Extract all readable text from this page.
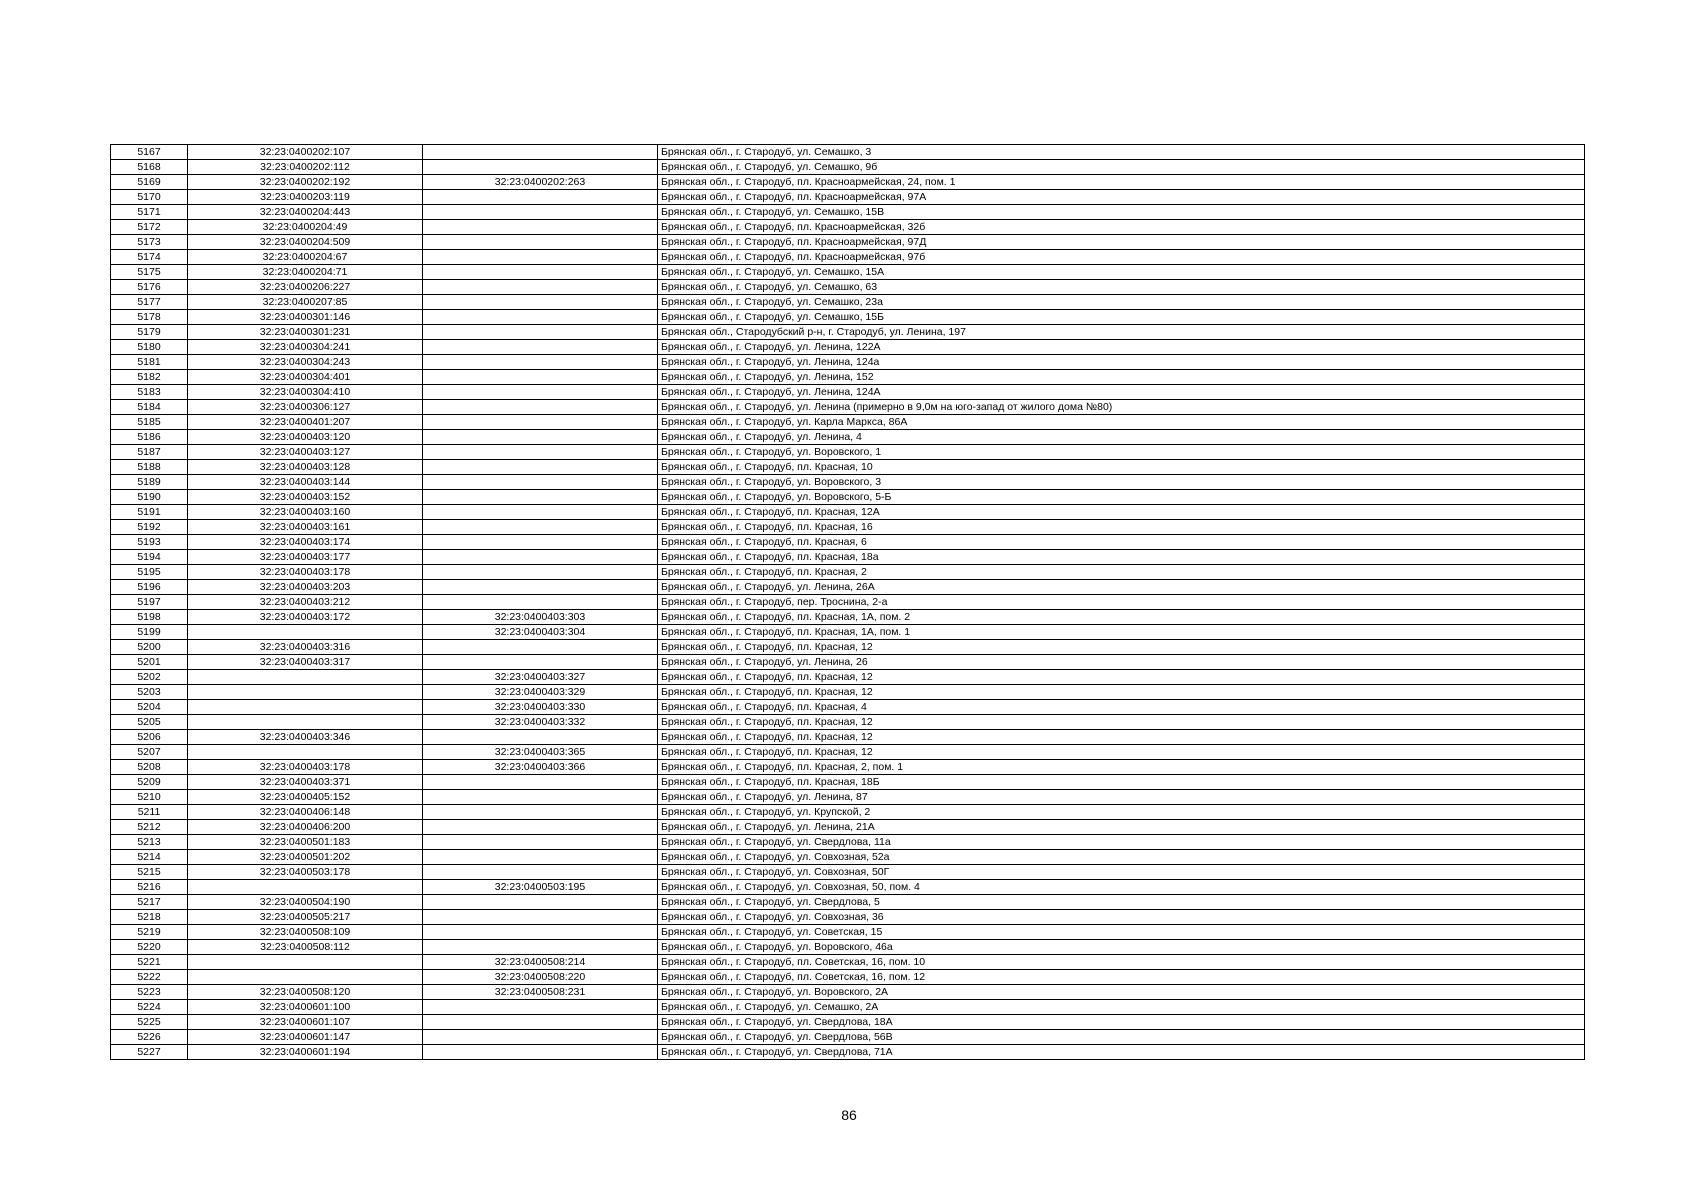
5167	32:23:0400202:107		Брянская обл., г. Стародуб, ул. Семашко, 3
5168	32:23:0400202:112		Брянская обл., г. Стародуб, ул. Семашко, 9б
5169	32:23:0400202:192	32:23:0400202:263	Брянская обл., г. Стародуб, пл. Красноармейская, 24, пом. 1
5170	32:23:0400203:119		Брянская обл., г. Стародуб, пл. Красноармейская, 97А
5171	32:23:0400204:443		Брянская обл., г. Стародуб, ул. Семашко, 15В
5172	32:23:0400204:49		Брянская обл., г. Стародуб, пл. Красноармейская, 32б
5173	32:23:0400204:509		Брянская обл., г. Стародуб, пл. Красноармейская, 97Д
5174	32:23:0400204:67		Брянская обл., г. Стародуб, пл. Красноармейская, 97б
5175	32:23:0400204:71		Брянская обл., г. Стародуб, ул. Семашко, 15А
5176	32:23:0400206:227		Брянская обл., г. Стародуб, ул. Семашко, 63
5177	32:23:0400207:85		Брянская обл., г. Стародуб, ул. Семашко, 23а
5178	32:23:0400301:146		Брянская обл., г. Стародуб, ул. Семашко, 15Б
5179	32:23:0400301:231		Брянская обл., Стародубский р-н, г. Стародуб, ул. Ленина, 197
5180	32:23:0400304:241		Брянская обл., г. Стародуб, ул. Ленина, 122А
5181	32:23:0400304:243		Брянская обл., г. Стародуб, ул. Ленина, 124а
5182	32:23:0400304:401		Брянская обл., г. Стародуб, ул. Ленина, 152
5183	32:23:0400304:410		Брянская обл., г. Стародуб, ул. Ленина, 124А
5184	32:23:0400306:127		Брянская обл., г. Стародуб, ул. Ленина (примерно в 9,0м на юго-запад от жилого дома №80)
5185	32:23:0400401:207		Брянская обл., г. Стародуб, ул. Карла Маркса, 86А
5186	32:23:0400403:120		Брянская обл., г. Стародуб, ул. Ленина, 4
5187	32:23:0400403:127		Брянская обл., г. Стародуб, ул. Воровского, 1
5188	32:23:0400403:128		Брянская обл., г. Стародуб, пл. Красная, 10
5189	32:23:0400403:144		Брянская обл., г. Стародуб, ул. Воровского, 3
5190	32:23:0400403:152		Брянская обл., г. Стародуб, ул. Воровского, 5-Б
5191	32:23:0400403:160		Брянская обл., г. Стародуб, пл. Красная, 12А
5192	32:23:0400403:161		Брянская обл., г. Стародуб, пл. Красная, 16
5193	32:23:0400403:174		Брянская обл., г. Стародуб, пл. Красная, 6
5194	32:23:0400403:177		Брянская обл., г. Стародуб, пл. Красная, 18а
5195	32:23:0400403:178		Брянская обл., г. Стародуб, пл. Красная, 2
5196	32:23:0400403:203		Брянская обл., г. Стародуб, ул. Ленина, 26А
5197	32:23:0400403:212		Брянская обл., г. Стародуб, пер. Троснина, 2-а
5198	32:23:0400403:172	32:23:0400403:303	Брянская обл., г. Стародуб, пл. Красная, 1А, пом. 2
5199		32:23:0400403:304	Брянская обл., г. Стародуб, пл. Красная, 1А, пом. 1
5200	32:23:0400403:316		Брянская обл., г. Стародуб, пл. Красная, 12
5201	32:23:0400403:317		Брянская обл., г. Стародуб, ул. Ленина, 26
5202		32:23:0400403:327	Брянская обл., г. Стародуб, пл. Красная, 12
5203		32:23:0400403:329	Брянская обл., г. Стародуб, пл. Красная, 12
5204		32:23:0400403:330	Брянская обл., г. Стародуб, пл. Красная, 4
5205		32:23:0400403:332	Брянская обл., г. Стародуб, пл. Красная, 12
5206	32:23:0400403:346		Брянская обл., г. Стародуб, пл. Красная, 12
5207		32:23:0400403:365	Брянская обл., г. Стародуб, пл. Красная, 12
5208	32:23:0400403:178	32:23:0400403:366	Брянская обл., г. Стародуб, пл. Красная, 2, пом. 1
5209	32:23:0400403:371		Брянская обл., г. Стародуб, пл. Красная, 18Б
5210	32:23:0400405:152		Брянская обл., г. Стародуб, ул. Ленина, 87
5211	32:23:0400406:148		Брянская обл., г. Стародуб, ул. Крупской, 2
5212	32:23:0400406:200		Брянская обл., г. Стародуб, ул. Ленина, 21А
5213	32:23:0400501:183		Брянская обл., г. Стародуб, ул. Свердлова, 11а
5214	32:23:0400501:202		Брянская обл., г. Стародуб, ул. Совхозная, 52а
5215	32:23:0400503:178		Брянская обл., г. Стародуб, ул. Совхозная, 50Г
5216		32:23:0400503:195	Брянская обл., г. Стародуб, ул. Совхозная, 50, пом. 4
5217	32:23:0400504:190		Брянская обл., г. Стародуб, ул. Свердлова, 5
5218	32:23:0400505:217		Брянская обл., г. Стародуб, ул. Совхозная, 36
5219	32:23:0400508:109		Брянская обл., г. Стародуб, ул. Советская, 15
5220	32:23:0400508:112		Брянская обл., г. Стародуб, ул. Воровского, 46а
5221		32:23:0400508:214	Брянская обл., г. Стародуб, пл. Советская, 16, пом. 10
5222		32:23:0400508:220	Брянская обл., г. Стародуб, пл. Советская, 16, пом. 12
5223	32:23:0400508:120	32:23:0400508:231	Брянская обл., г. Стародуб, ул. Воровского, 2А
5224	32:23:0400601:100		Брянская обл., г. Стародуб, ул. Семашко, 2А
5225	32:23:0400601:107		Брянская обл., г. Стародуб, ул. Свердлова, 18А
5226	32:23:0400601:147		Брянская обл., г. Стародуб, ул. Свердлова, 56В
5227	32:23:0400601:194		Брянская обл., г. Стародуб, ул. Свердлова, 71А
86
